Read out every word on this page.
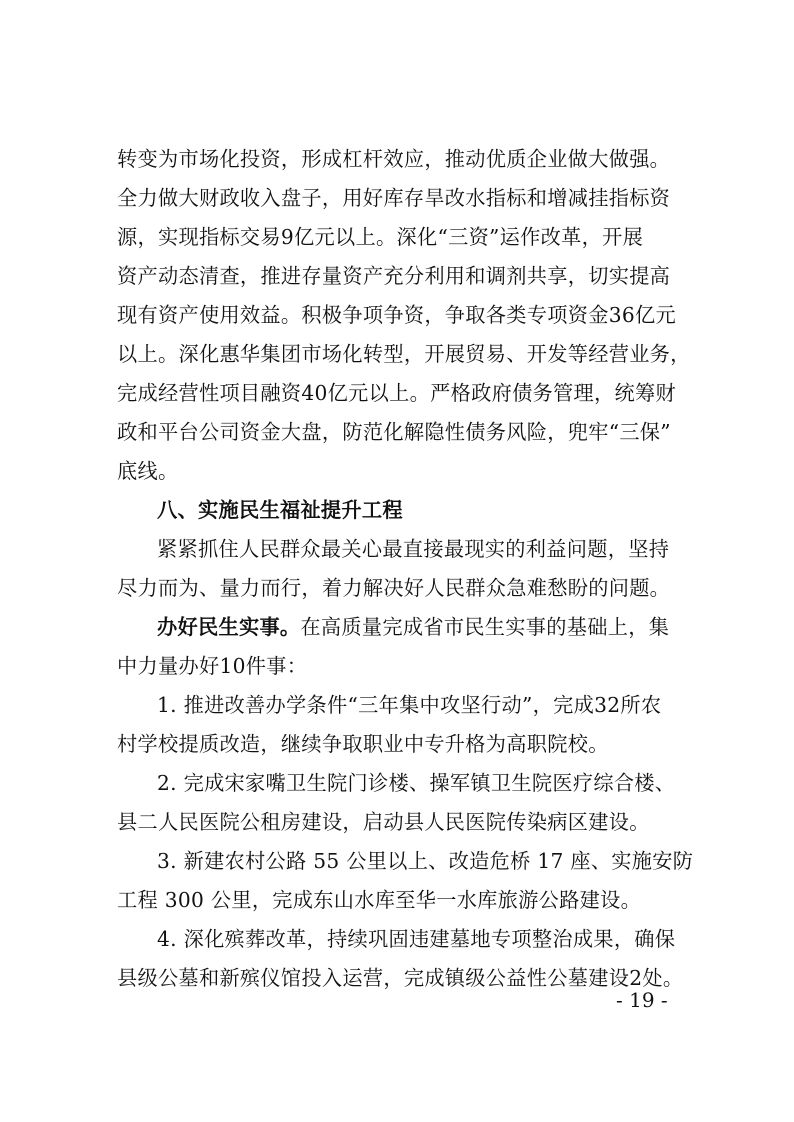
转变为市场化投资，形成杠杆效应，推动优质企业做大做强。
全力做大财政收入盘子，用好库存旱改水指标和增减挂指标资
源，实现指标交易9亿元以上。深化“三资”运作改革，开展
资产动态清查，推进存量资产充分利用和调剂共享，切实提高
现有资产使用效益。积极争项争资，争取各类专项资金36亿元
以上。深化惠华集团市场化转型，开展贸易、开发等经营业务，
完成经营性项目融资40亿元以上。严格政府债务管理，统筹财
政和平台公司资金大盘，防范化解隐性债务风险，兜牢“三保”
底线。
八、实施民生福祉提升工程
紧紧抓住人民群众最关心最直接最现实的利益问题，坚持
尽力而为、量力而行，着力解决好人民群众急难愁盼的问题。
办好民生实事。在高质量完成省市民生实事的基础上，集
中力量办好10件事：
1. 推进改善办学条件“三年集中攻坚行动”，完成32所农
村学校提质改造，继续争取职业中专升格为高职院校。
2. 完成宋家嘴卫生院门诊楼、操军镇卫生院医疗综合楼、
县二人民医院公租房建设，启动县人民医院传染病区建设。
3. 新建农村公路 55 公里以上、改造危桥 17 座、实施安防
工程 300 公里，完成东山水库至华一水库旅游公路建设。
4. 深化殡葬改革，持续巩固违建墓地专项整治成果，确保
县级公墓和新殡仪馆投入运营，完成镇级公益性公墓建设2处。
- 19 -
